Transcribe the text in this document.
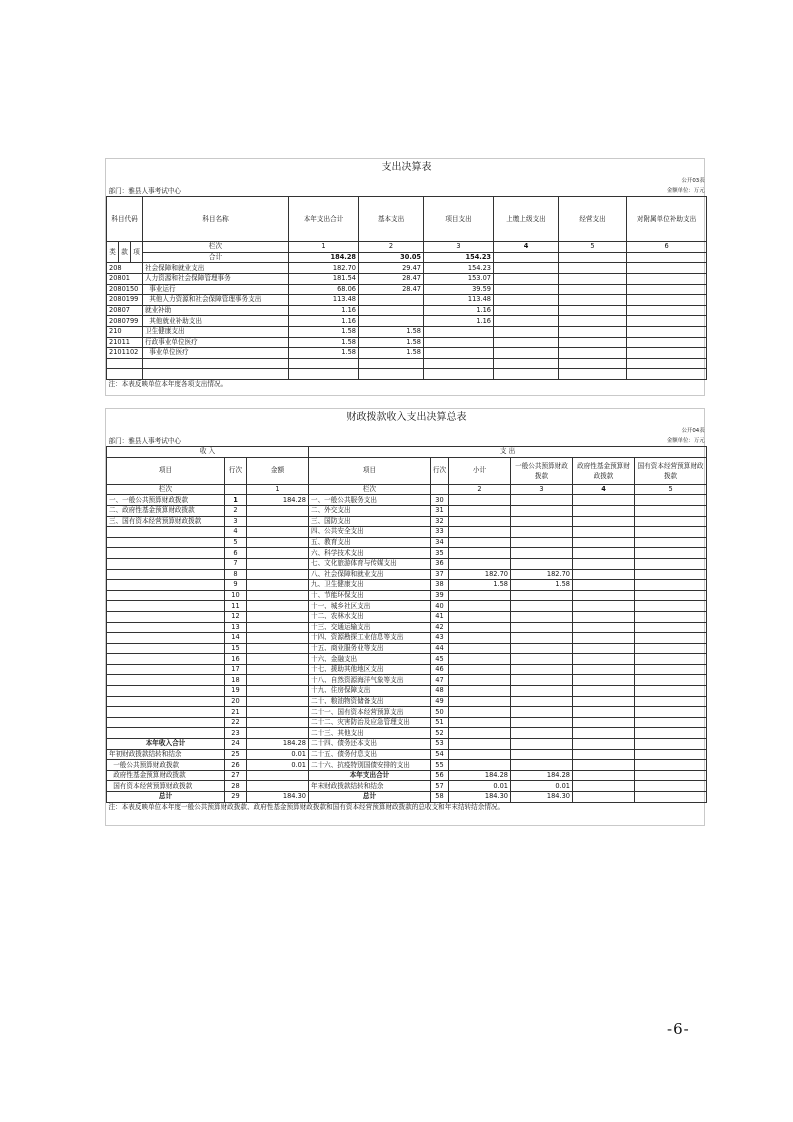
支出决算表									
公开03表									
部门：雅县人事考试中心					金额单位：万元				
科目代码			科目名称	本年支出合计	基本支出	项目支出	上缴上级支出	经营支出	对附属单位补助支出
类	款	项	栏次	1	2	3	4	5	6
			合计	184.28	30.05	154.23			
208			社会保障和就业支出	182.70	29.47	154.23			
20801			人力资源和社会保障管理事务	181.54	28.47	153.07			
2080150			事业运行	68.06	28.47	39.59			
2080199			其他人力资源和社会保障管理事务支出	113.48		113.48			
20807			就业补助	1.16		1.16			
2080799			其他就业补助支出	1.16		1.16			
210			卫生健康支出	1.58	1.58				
21011			行政事业单位医疗	1.58	1.58				
2101102			事业单位医疗	1.58	1.58				

注：本表反映单位本年度各项支出情况。									
财政拨款收入支出决算总表								
公开04表								
部门：雅县人事考试中心					金额单位：万元			
收 入			支 出					
项目	行次	金额	项目	行次	小计	一般公共预算财政拨款	政府性基金预算财政拨款	国有资本经营预算财政拨款
栏次		1	栏次		2	3	4	5
一、一般公共预算财政拨款	1	184.28	一、一般公共服务支出	30				
二、政府性基金预算财政拨款	2		二、外交支出	31				
三、国有资本经营预算财政拨款	3		三、国防支出	32				
	4		四、公共安全支出	33				
	5		五、教育支出	34				
	6		六、科学技术支出	35				
	7		七、文化旅游体育与传媒支出	36				
	8		八、社会保障和就业支出	37	182.70	182.70		
	9		九、卫生健康支出	38	1.58	1.58		
	10		十、节能环保支出	39				
	11		十一、城乡社区支出	40				
	12		十二、农林水支出	41				
	13		十三、交通运输支出	42				
	14		十四、资源勘探工业信息等支出	43				
	15		十五、商业服务业等支出	44				
	16		十六、金融支出	45				
	17		十七、援助其他地区支出	46				
	18		十八、自然资源海洋气象等支出	47				
	19		十九、住房保障支出	48				
	20		二十、粮油物资储备支出	49				
	21		二十一、国有资本经营预算支出	50				
	22		二十二、灾害防治及应急管理支出	51				
	23		二十三、其他支出	52				
本年收入合计	24	184.28	二十四、债务还本支出	53				
年初财政拨款结转和结余	25	0.01	二十五、债务付息支出	54				
一般公共预算财政拨款	26	0.01	二十六、抗疫特别国债安排的支出	55				
政府性基金预算财政拨款	27		本年支出合计	56	184.28	184.28		
国有资本经营预算财政拨款	28		年末财政拨款结转和结余	57	0.01	0.01		
总计	29	184.30	总计	58	184.30	184.30		
注：本表反映单位本年度一般公共预算财政拨款、政府性基金预算财政拨款和国有资本经营预算财政拨款的总收支和年末结转结余情况。								
-6-
